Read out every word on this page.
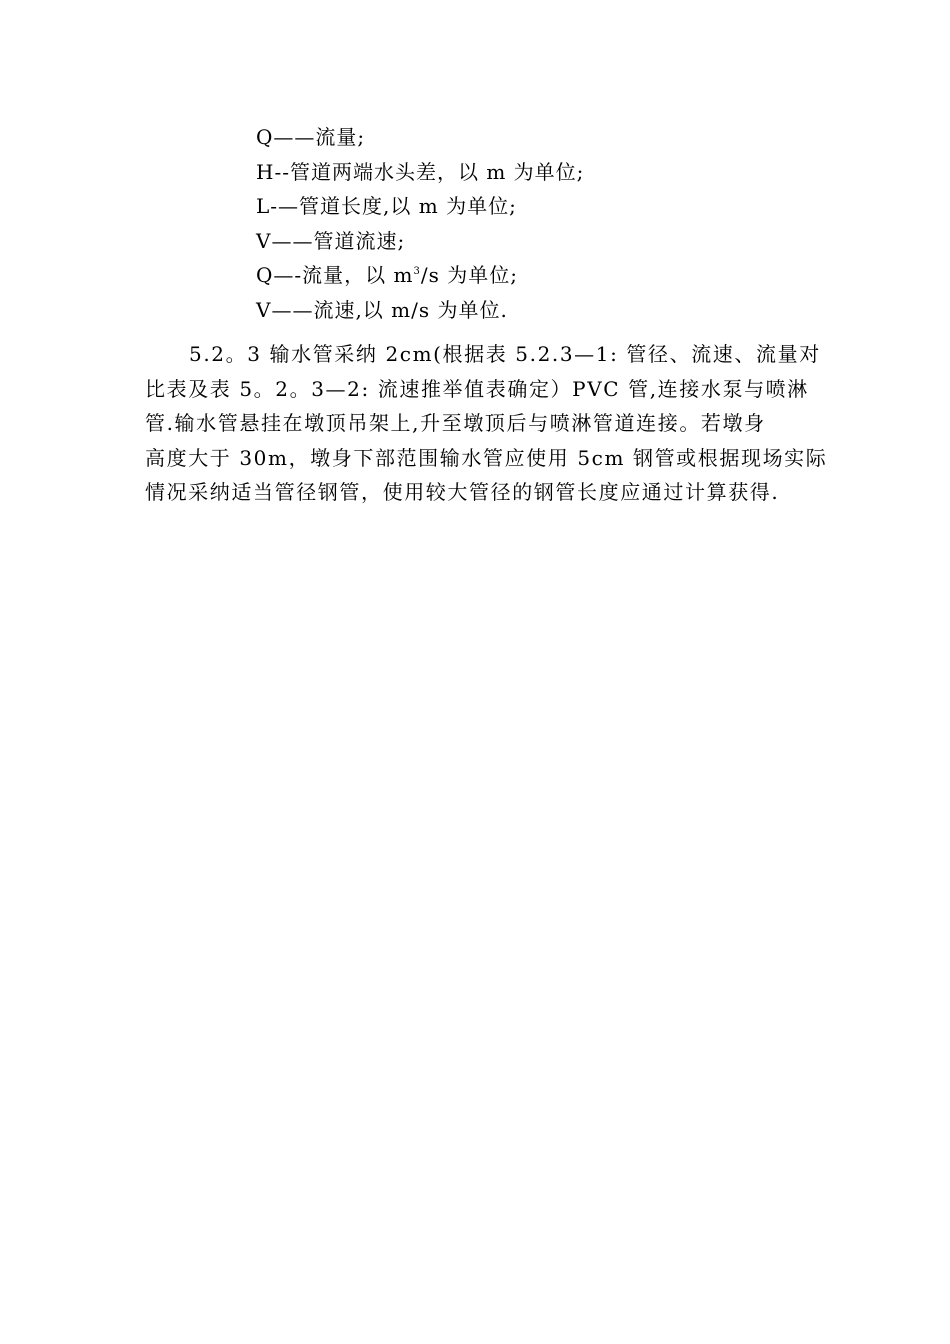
Q——流量;
H--管道两端水头差，以 m 为单位;
L-—管道长度,以 m 为单位;
V——管道流速;
Q—-流量，以 $m^3/s$ 为单位;
V——流速,以 m/s 为单位.

5.2。3 输水管采纳 2cm(根据表 5.2.3—1: 管径、流速、流量对
比表及表 5。2。3—2: 流速推举值表确定）PVC 管,连接水泵与喷淋
管.输水管悬挂在墩顶吊架上,升至墩顶后与喷淋管道连接。若墩身
高度大于 30m，墩身下部范围输水管应使用 5cm 钢管或根据现场实际
情况采纳适当管径钢管，使用较大管径的钢管长度应通过计算获得.
